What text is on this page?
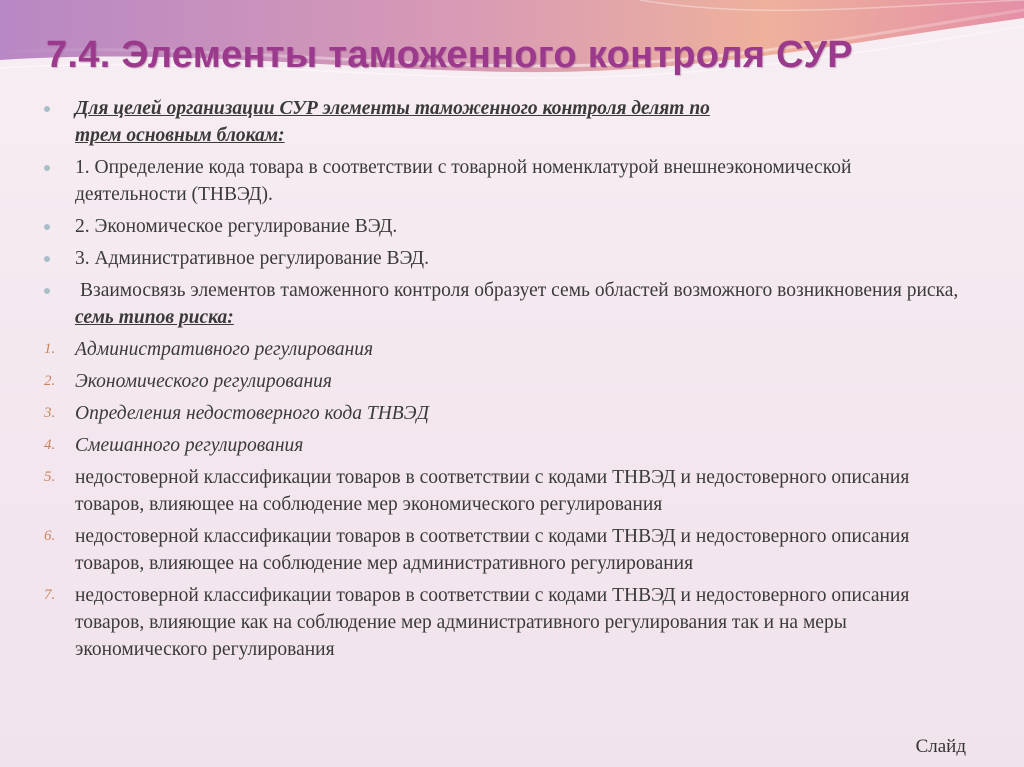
7.4. Элементы таможенного контроля СУР
Для целей организации СУР элементы таможенного контроля делят по
трем основным блокам:
1. Определение кода товара в соответствии с товарной номенклатурой внешнеэкономической деятельности (ТНВЭД).
2. Экономическое регулирование ВЭД.
3. Административное регулирование ВЭД.
Взаимосвязь элементов таможенного контроля образует семь областей возможного возникновения риска, семь типов риска:
1. Административного регулирования
2. Экономического регулирования
3. Определения недостоверного кода ТНВЭД
4. Смешанного регулирования
5. недостоверной классификации товаров в соответствии с кодами ТНВЭД и недостоверного описания товаров, влияющее на соблюдение мер экономического регулирования
6. недостоверной классификации товаров в соответствии с кодами ТНВЭД и недостоверного описания товаров, влияющее на соблюдение мер административного регулирования
7. недостоверной классификации товаров в соответствии с кодами ТНВЭД и недостоверного описания товаров, влияющие как на соблюдение мер административного регулирования так и на меры экономического регулирования
Слайд
